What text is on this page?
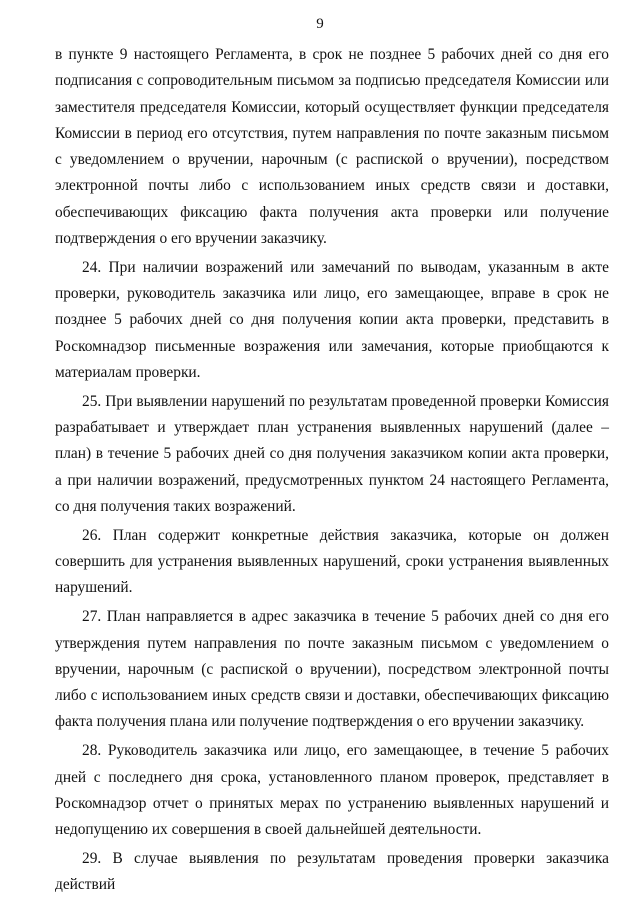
9

в пункте 9 настоящего Регламента, в срок не позднее 5 рабочих дней со дня его подписания с сопроводительным письмом за подписью председателя Комиссии или заместителя председателя Комиссии, который осуществляет функции председателя Комиссии в период его отсутствия, путем направления по почте заказным письмом с уведомлением о вручении, нарочным (с распиской о вручении), посредством электронной почты либо с использованием иных средств связи и доставки, обеспечивающих фиксацию факта получения акта проверки или получение подтверждения о его вручении заказчику.

24. При наличии возражений или замечаний по выводам, указанным в акте проверки, руководитель заказчика или лицо, его замещающее, вправе в срок не позднее 5 рабочих дней со дня получения копии акта проверки, представить в Роскомнадзор письменные возражения или замечания, которые приобщаются к материалам проверки.

25. При выявлении нарушений по результатам проведенной проверки Комиссия разрабатывает и утверждает план устранения выявленных нарушений (далее – план) в течение 5 рабочих дней со дня получения заказчиком копии акта проверки, а при наличии возражений, предусмотренных пунктом 24 настоящего Регламента, со дня получения таких возражений.

26. План содержит конкретные действия заказчика, которые он должен совершить для устранения выявленных нарушений, сроки устранения выявленных нарушений.

27. План направляется в адрес заказчика в течение 5 рабочих дней со дня его утверждения путем направления по почте заказным письмом с уведомлением о вручении, нарочным (с распиской о вручении), посредством электронной почты либо с использованием иных средств связи и доставки, обеспечивающих фиксацию факта получения плана или получение подтверждения о его вручении заказчику.

28. Руководитель заказчика или лицо, его замещающее, в течение 5 рабочих дней с последнего дня срока, установленного планом проверок, представляет в Роскомнадзор отчет о принятых мерах по устранению выявленных нарушений и недопущению их совершения в своей дальнейшей деятельности.

29. В случае выявления по результатам проведения проверки заказчика действий
